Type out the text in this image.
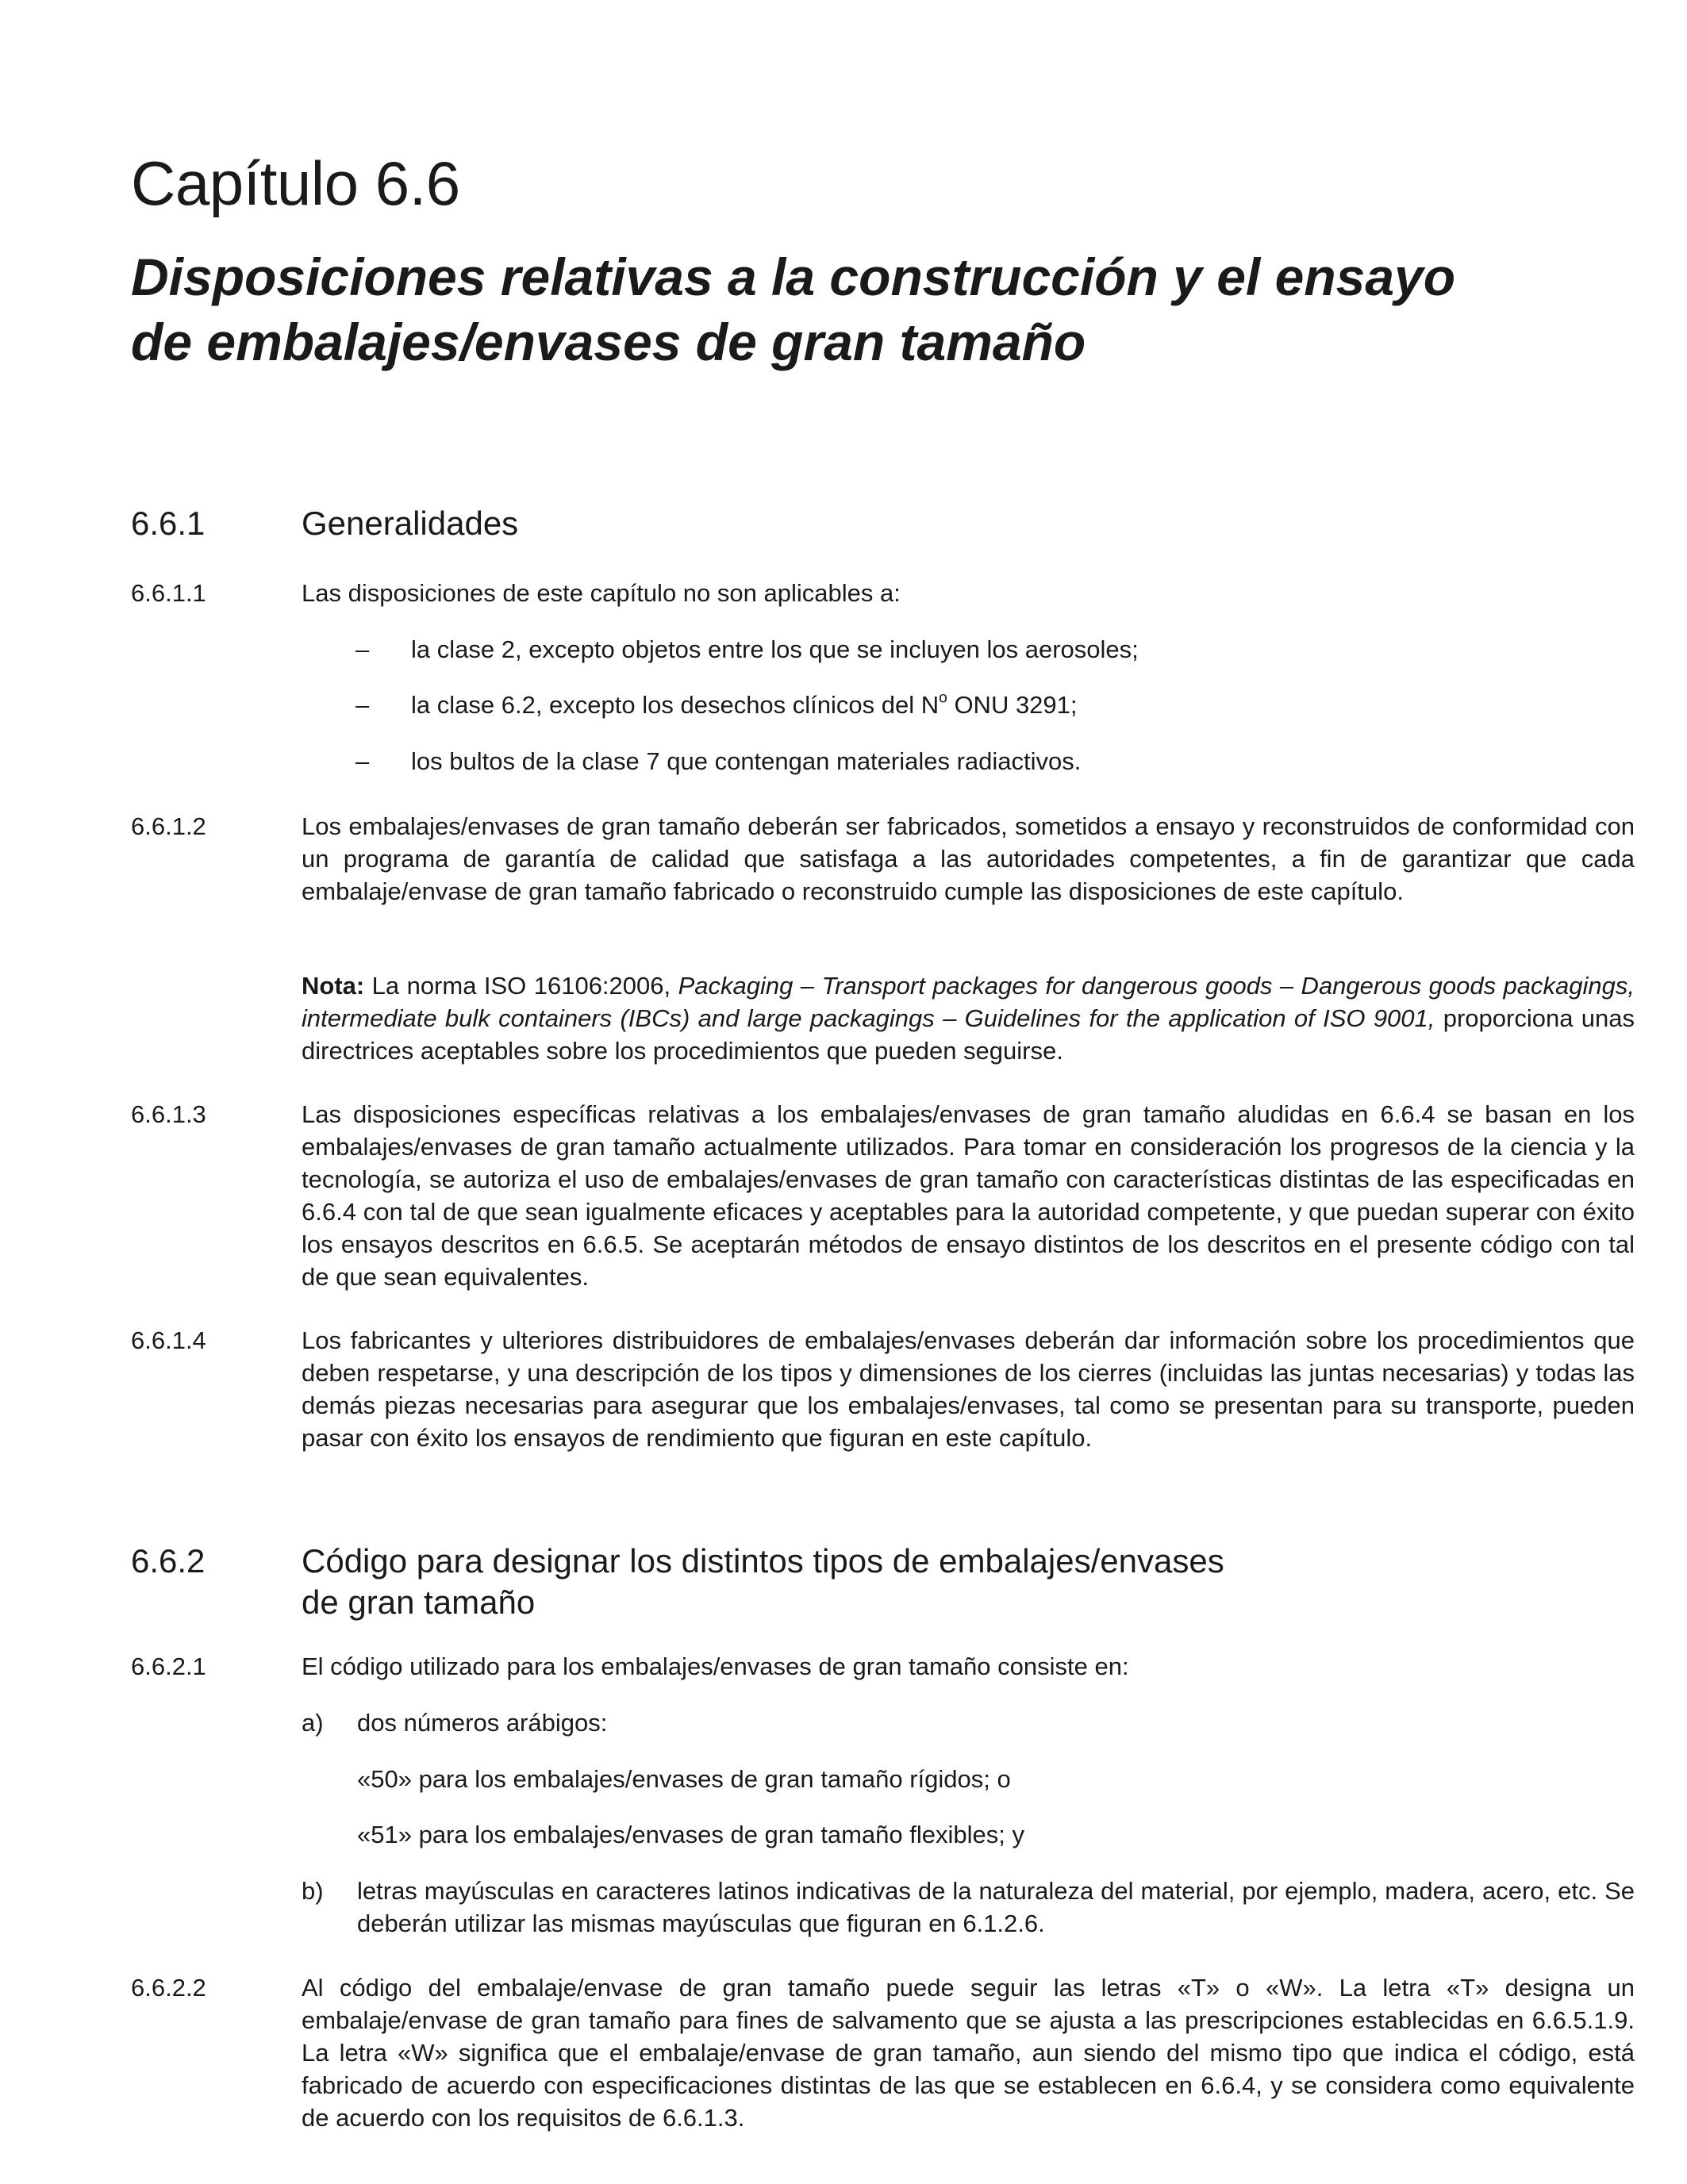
Capítulo 6.6
Disposiciones relativas a la construcción y el ensayo
de embalajes/envases de gran tamaño
6.6.1	Generalidades
6.6.1.1	Las disposiciones de este capítulo no son aplicables a:
– la clase 2, excepto objetos entre los que se incluyen los aerosoles;
– la clase 6.2, excepto los desechos clínicos del $N^o$ ONU 3291;
– los bultos de la clase 7 que contengan materiales radiactivos.
6.6.1.2	Los embalajes/envases de gran tamaño deberán ser fabricados, sometidos a ensayo y reconstruidos de conformidad con un programa de garantía de calidad que satisfaga a las autoridades competentes, a fin de garantizar que cada embalaje/envase de gran tamaño fabricado o reconstruido cumple las disposiciones de este capítulo.
Nota: La norma ISO 16106:2006, Packaging – Transport packages for dangerous goods – Dangerous goods packagings, intermediate bulk containers (IBCs) and large packagings – Guidelines for the application of ISO 9001, proporciona unas directrices aceptables sobre los procedimientos que pueden seguirse.
6.6.1.3	Las disposiciones específicas relativas a los embalajes/envases de gran tamaño aludidas en 6.6.4 se basan en los embalajes/envases de gran tamaño actualmente utilizados. Para tomar en consideración los progresos de la ciencia y la tecnología, se autoriza el uso de embalajes/envases de gran tamaño con características distintas de las especificadas en 6.6.4 con tal de que sean igualmente eficaces y aceptables para la autoridad competente, y que puedan superar con éxito los ensayos descritos en 6.6.5. Se aceptarán métodos de ensayo distintos de los descritos en el presente código con tal de que sean equivalentes.
6.6.1.4	Los fabricantes y ulteriores distribuidores de embalajes/envases deberán dar información sobre los procedimientos que deben respetarse, y una descripción de los tipos y dimensiones de los cierres (incluidas las juntas necesarias) y todas las demás piezas necesarias para asegurar que los embalajes/envases, tal como se presentan para su transporte, pueden pasar con éxito los ensayos de rendimiento que figuran en este capítulo.
6.6.2	Código para designar los distintos tipos de embalajes/envases
de gran tamaño
6.6.2.1	El código utilizado para los embalajes/envases de gran tamaño consiste en:
a) dos números arábigos:
«50» para los embalajes/envases de gran tamaño rígidos; o
«51» para los embalajes/envases de gran tamaño flexibles; y
b) letras mayúsculas en caracteres latinos indicativas de la naturaleza del material, por ejemplo, madera, acero, etc. Se deberán utilizar las mismas mayúsculas que figuran en 6.1.2.6.
6.6.2.2	Al código del embalaje/envase de gran tamaño puede seguir las letras «T» o «W». La letra «T» designa un embalaje/envase de gran tamaño para fines de salvamento que se ajusta a las prescripciones establecidas en 6.6.5.1.9. La letra «W» significa que el embalaje/envase de gran tamaño, aun siendo del mismo tipo que indica el código, está fabricado de acuerdo con especificaciones distintas de las que se establecen en 6.6.4, y se considera como equivalente de acuerdo con los requisitos de 6.6.1.3.
